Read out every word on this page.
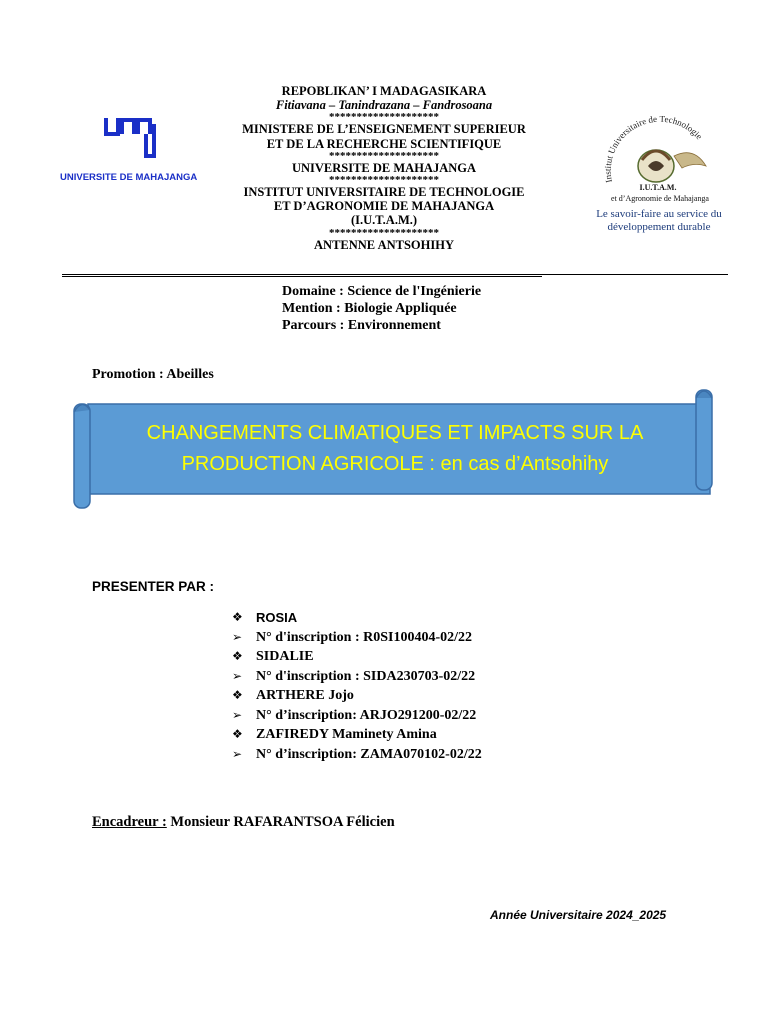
UNIVERSITE DE MAHAJANGA
REPOBLIKAN’ I MADAGASIKARA
Fitiavana – Tanindrazana – Fandrosoana
********************
MINISTERE DE L’ENSEIGNEMENT SUPERIEUR
ET DE LA RECHERCHE SCIENTIFIQUE
********************
UNIVERSITE DE MAHAJANGA
********************
INSTITUT UNIVERSITAIRE DE TECHNOLOGIE
ET D’AGRONOMIE DE MAHAJANGA
(I.U.T.A.M.)
********************
ANTENNE ANTSOHIHY
Institut Universitaire de Technologie
I.U.T.A.M.
et d’Agronomie de Mahajanga
Le savoir-faire au service du
développement durable
Domaine : Science de l'Ingénierie
Mention : Biologie Appliquée
Parcours : Environnement
Promotion : Abeilles
CHANGEMENTS CLIMATIQUES ET IMPACTS SUR LA
PRODUCTION AGRICOLE : en cas d’Antsohihy
PRESENTER PAR :
❖	ROSIA
➢ N° d'inscription : R0SI100404-02/22
❖ SIDALIE
➢ N° d'inscription : SIDA230703-02/22
❖ ARTHERE Jojo
➢ N° d’inscription: ARJO291200-02/22
❖ ZAFIREDY Maminety Amina
➢ N° d’inscription: ZAMA070102-02/22
Encadreur : Monsieur RAFARANTSOA Félicien
Année Universitaire 2024_2025
